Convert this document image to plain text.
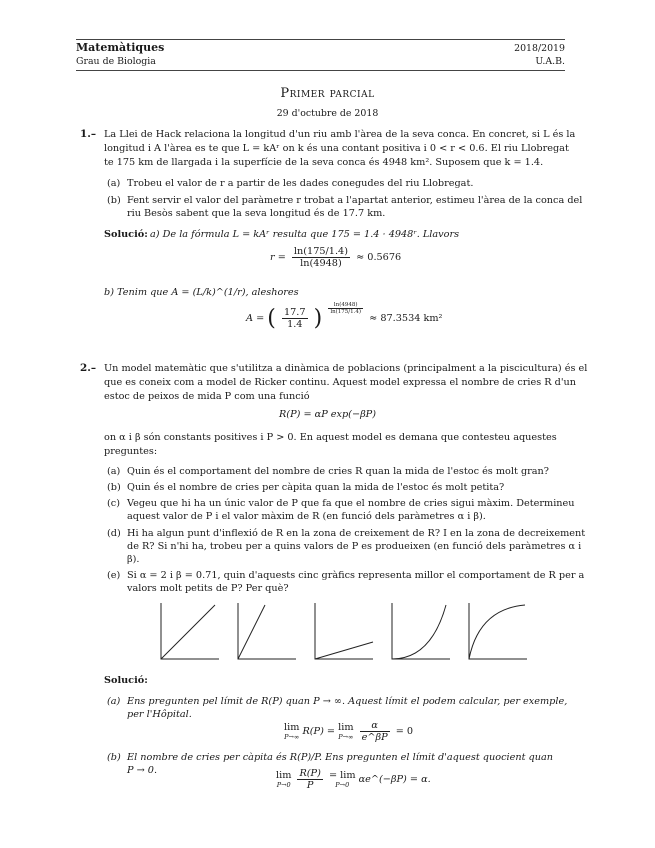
Matemàtiques
Grau de Biologia
2018/2019
U.A.B.
Primer parcial
29 d'octubre de 2018
1.– La Llei de Hack relaciona la longitud d'un riu amb l'àrea de la seva conca. En concret, si L és la
longitud i A l'àrea es te que L = kAʳ on k és una contant positiva i 0 < r < 0.6. El riu Llobregat
te 175 km de llargada i la superfície de la seva conca és 4948 km². Suposem que k = 1.4.
(a) Trobeu el valor de r a partir de les dades conegudes del riu Llobregat.
(b) Fent servir el valor del paràmetre r trobat a l'apartat anterior, estimeu l'àrea de la conca del
riu Besòs sabent que la seva longitud és de 17.7 km.
Solució: a) De la fórmula L = kAʳ resulta que 175 = 1.4 · 4948ʳ. Llavors
$r = \frac{\ln(175/1.4)}{\ln(4948)} \approx 0.5676$
b) Tenim que A = (L/k)^(1/r), aleshores
A = ( $\frac{17.7}{1.4}$ ) $\frac{\ln(4948)}{\ln(175/1.4)}$
≈ 87.3534 km²
2.– Un model matemàtic que s'utilitza a dinàmica de poblacions (principalment a la piscicultura) és el
que es coneix com a model de Ricker continu. Aquest model expressa el nombre de cries R d'un
estoc de peixos de mida P com una funció
R(P) = αP exp(−βP)
on α i β són constants positives i P > 0. En aquest model es demana que contesteu aquestes
preguntes:
(a) Quin és el comportament del nombre de cries R quan la mida de l'estoc és molt gran?
(b) Quin és el nombre de cries per càpita quan la mida de l'estoc és molt petita?
(c) Vegeu que hi ha un únic valor de P que fa que el nombre de cries sigui màxim. Determineu
aquest valor de P i el valor màxim de R (en funció dels paràmetres α i β).
(d) Hi ha algun punt d'inflexió de R en la zona de creixement de R? I en la zona de decreixement
de R? Si n'hi ha, trobeu per a quins valors de P es produeixen (en funció dels paràmetres α i
β).
(e) Si α = 2 i β = 0.71, quin d'aquests cinc gràfics representa millor el comportament de R per a
valors molt petits de P? Per què?
Solució:
(a) Ens pregunten pel límit de R(P) quan P → ∞. Aquest límit el podem calcular, per exemple,
per l'Hôpital.
lim
P→∞ R(P) = lim
P→∞
$\frac{\alpha}{e\^{}\beta P} = 0$
(b) El nombre de cries per càpita és R(P)/P. Ens pregunten el límit d'aquest quocient quan
P → 0.	lim
P→0
$\frac{R(P)}{P}$
= lim
P→0 αe^(−βP) = α.
